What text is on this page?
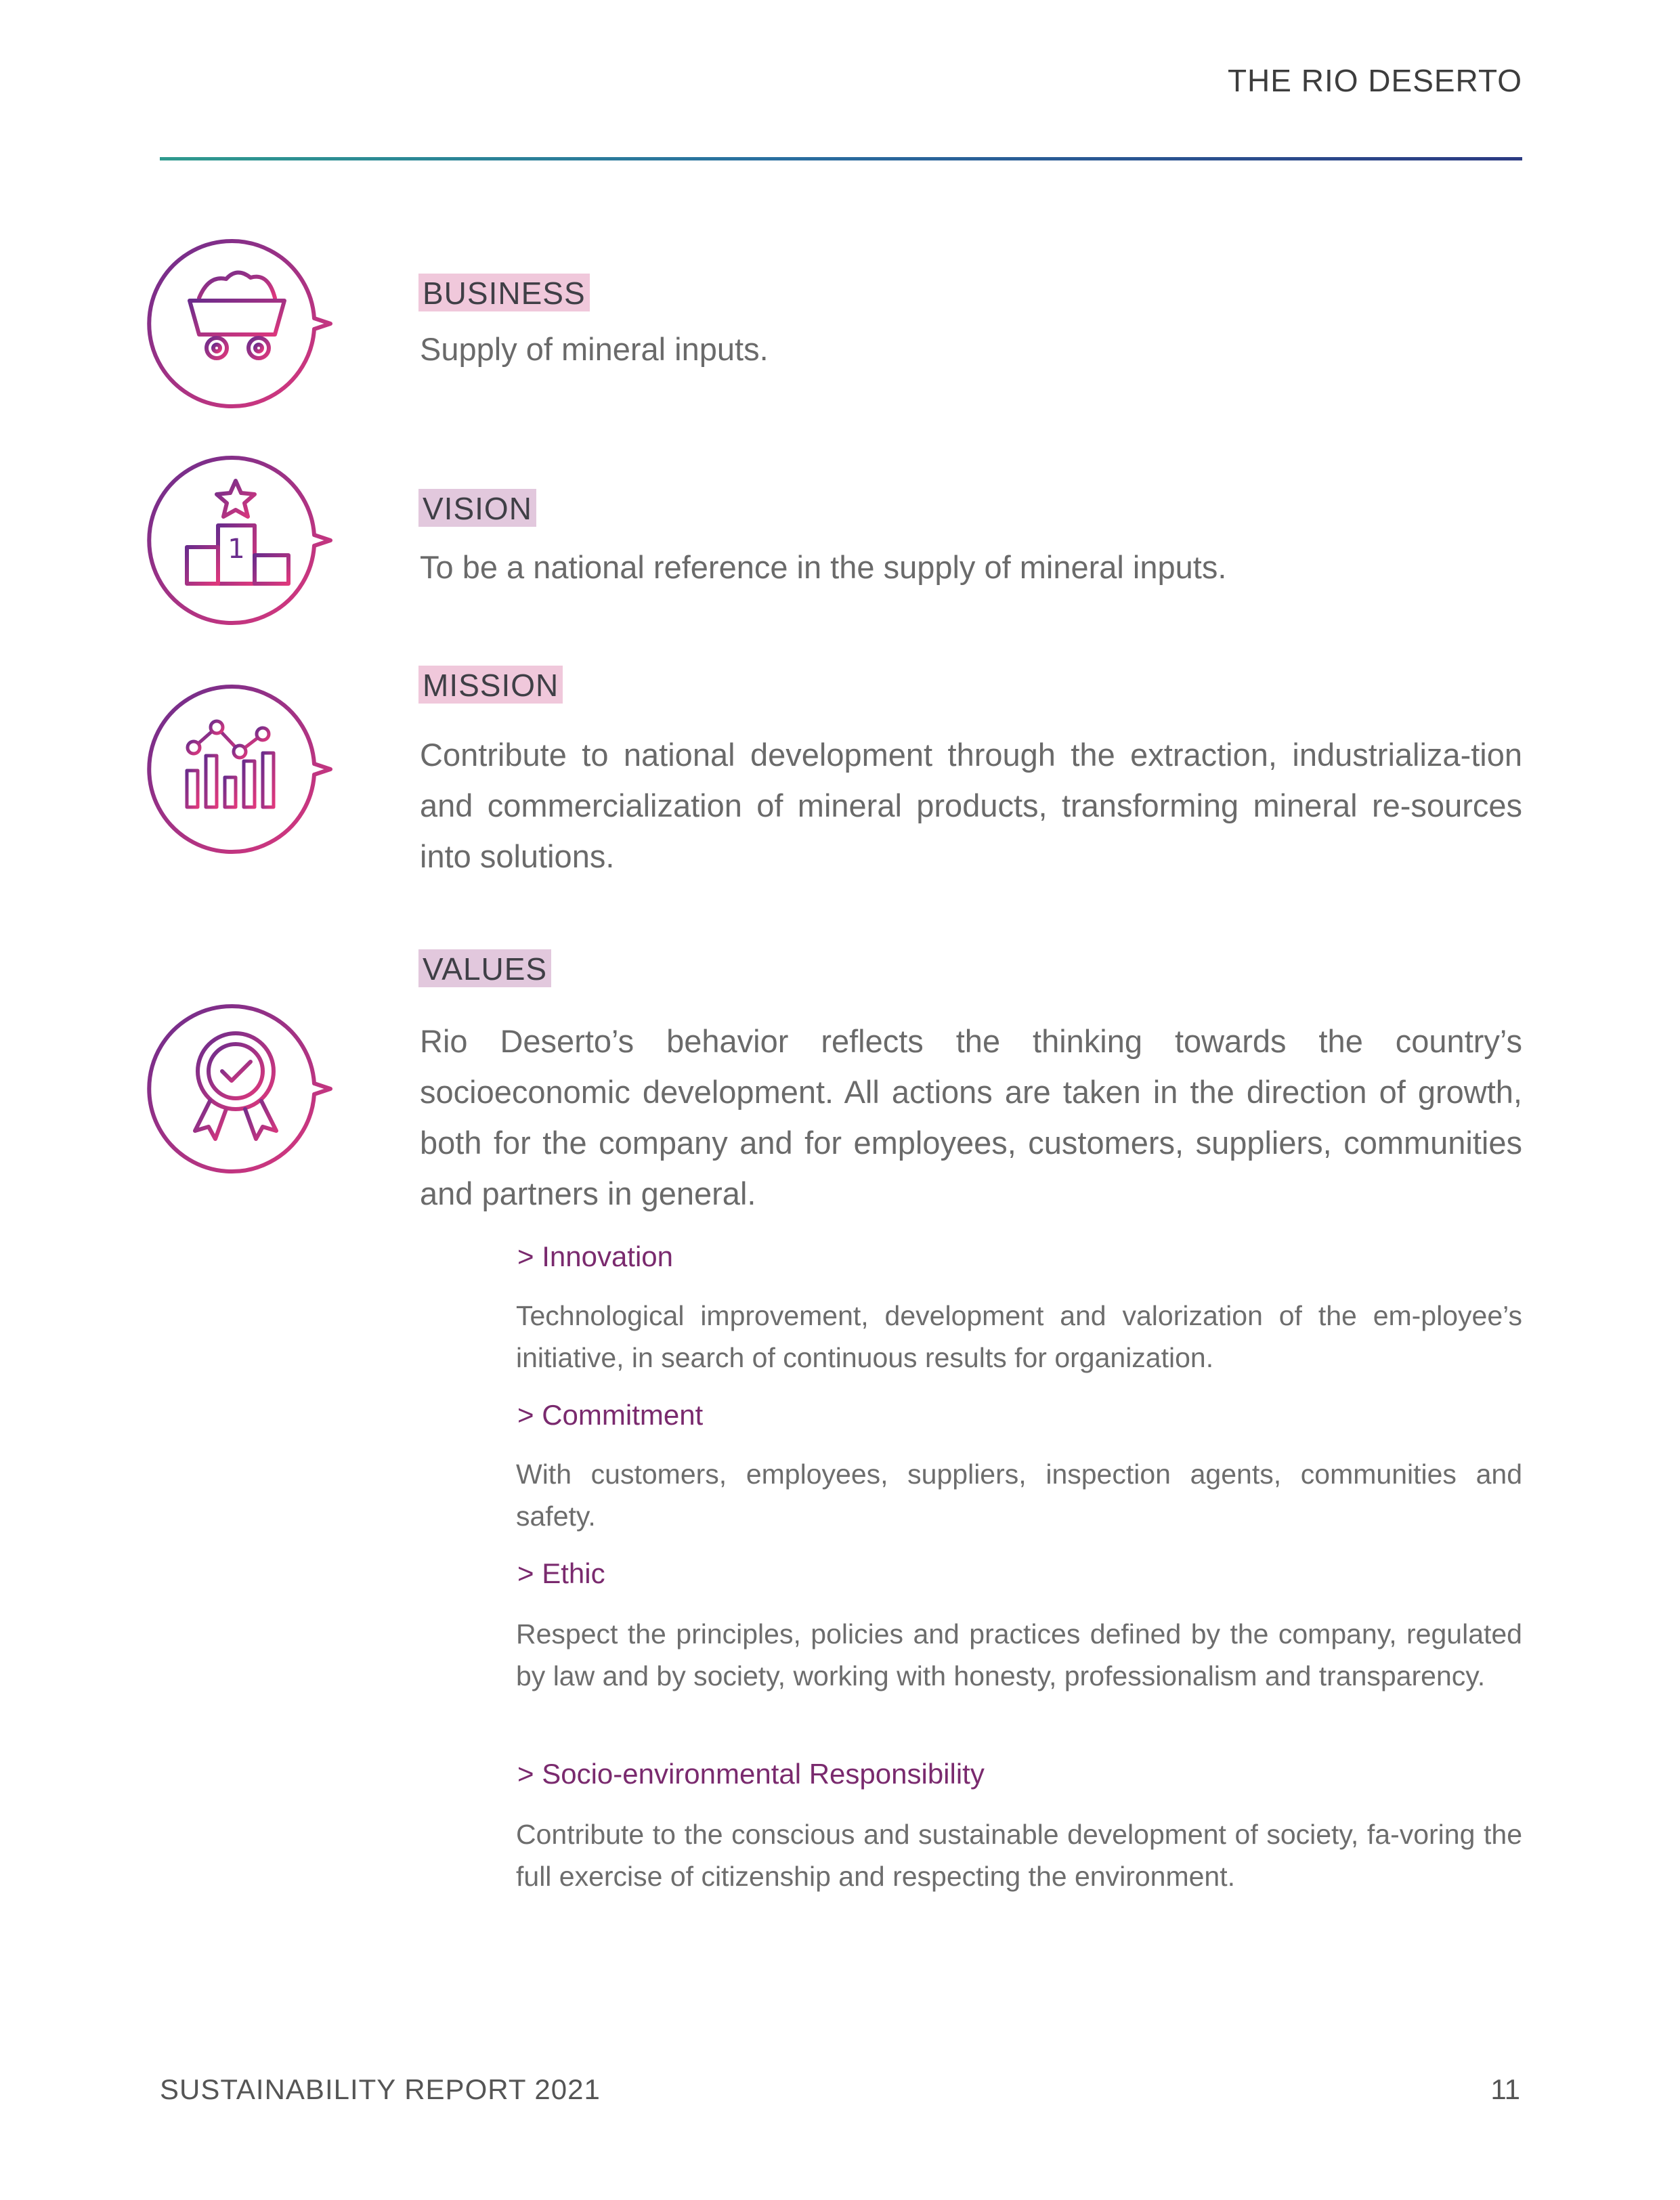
THE RIO DESERTO
BUSINESS

Supply of mineral inputs.

1
VISION

To be a national reference in the supply of mineral inputs.

MISSION

Contribute to national development through the extraction, industrializa-tion and commercialization of mineral products, transforming mineral re-sources into solutions.

VALUES

Rio Deserto’s behavior reflects the thinking towards the country’s socioeconomic development. All actions are taken in the direction of growth, both for the company and for employees, customers, suppliers, communities and partners in general.

> Innovation

Technological improvement, development and valorization of the em-ployee’s initiative, in search of continuous results for organization.

> Commitment

With customers, employees, suppliers, inspection agents, communities and safety.

> Ethic

Respect the principles, policies and practices defined by the company, regulated by law and by society, working with honesty, professionalism and transparency.

> Socio-environmental Responsibility

Contribute to the conscious and sustainable development of society, fa-voring the full exercise of citizenship and respecting the environment.

SUSTAINABILITY REPORT 2021	11
